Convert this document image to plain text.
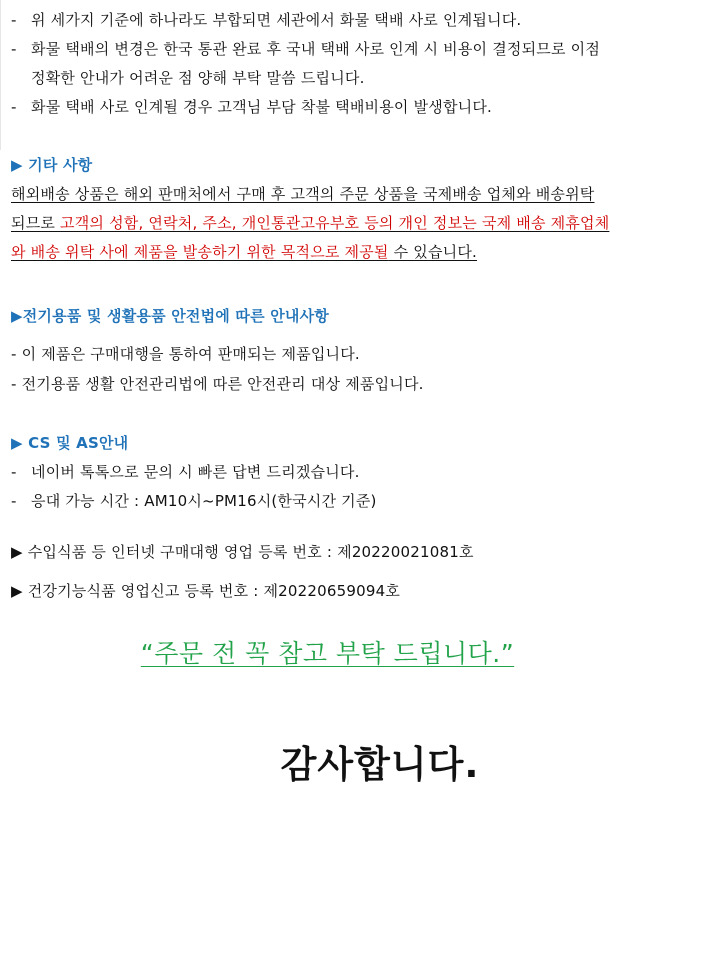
- 위 세가지 기준에 하나라도 부합되면 세관에서 화물 택배 사로 인계됩니다.
- 화물 택배의 변경은 한국 통관 완료 후 국내 택배 사로 인계 시 비용이 결정되므로 이점
정확한 안내가 어려운 점 양해 부탁 말씀 드립니다.
- 화물 택배 사로 인계될 경우 고객님 부담 착불 택배비용이 발생합니다.
▶ 기타 사항
해외배송 상품은 해외 판매처에서 구매 후 고객의 주문 상품을 국제배송 업체와 배송위탁
되므로 고객의 성함, 연락처, 주소, 개인통관고유부호 등의 개인 정보는 국제 배송 제휴업체
와 배송 위탁 사에 제품을 발송하기 위한 목적으로 제공될 수 있습니다.
▶전기용품 및 생활용품 안전법에 따른 안내사항
- 이 제품은 구매대행을 통하여 판매되는 제품입니다.
- 전기용품 생활 안전관리법에 따른 안전관리 대상 제품입니다.
▶ CS 및 AS안내
- 네이버 톡톡으로 문의 시 빠른 답변 드리겠습니다.
- 응대 가능 시간 : AM10시~PM16시(한국시간 기준)
▶ 수입식품 등 인터넷 구매대행 영업 등록 번호 : 제20220021081호
▶ 건강기능식품 영업신고 등록 번호 : 제20220659094호
“주문 전 꼭 참고 부탁 드립니다.”
감사합니다.
